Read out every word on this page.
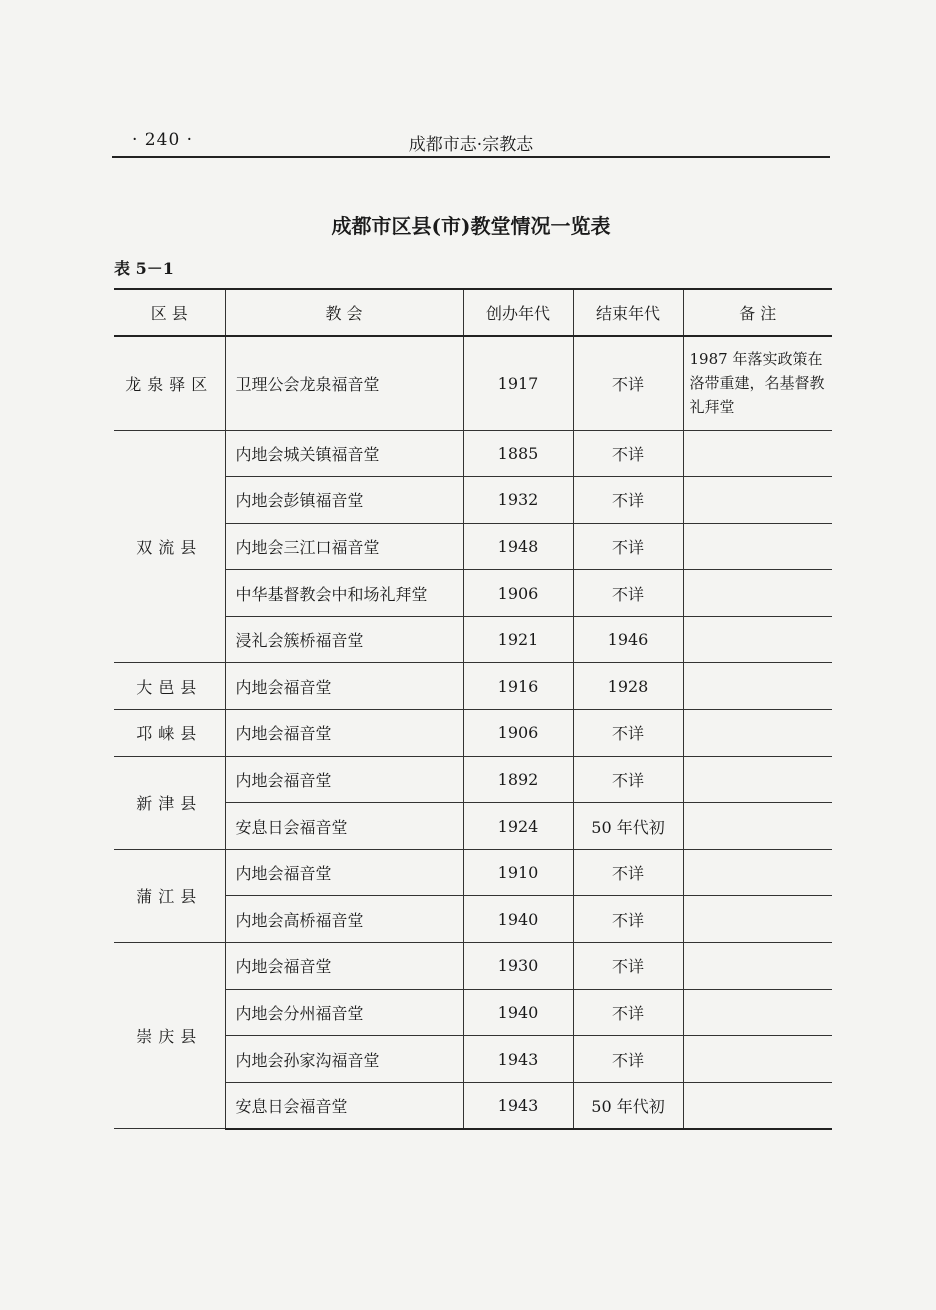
· 240 ·	成都市志·宗教志
成都市区县(市)教堂情况一览表
表 5－1
区 县	教 会	创办年代	结束年代	备 注
龙泉驿区	卫理公会龙泉福音堂	1917	不详	1987 年落实政策在洛带重建，名基督教礼拜堂
双流县	内地会城关镇福音堂	1885	不详	
	内地会彭镇福音堂	1932	不详	
	内地会三江口福音堂	1948	不详	
	中华基督教会中和场礼拜堂	1906	不详	
	浸礼会簇桥福音堂	1921	1946	
大邑县	内地会福音堂	1916	1928	
邛崃县	内地会福音堂	1906	不详	
新津县	内地会福音堂	1892	不详	
	安息日会福音堂	1924	50 年代初	
蒲江县	内地会福音堂	1910	不详	
	内地会高桥福音堂	1940	不详	
崇庆县	内地会福音堂	1930	不详	
	内地会分州福音堂	1940	不详	
	内地会孙家沟福音堂	1943	不详	
	安息日会福音堂	1943	50 年代初	
